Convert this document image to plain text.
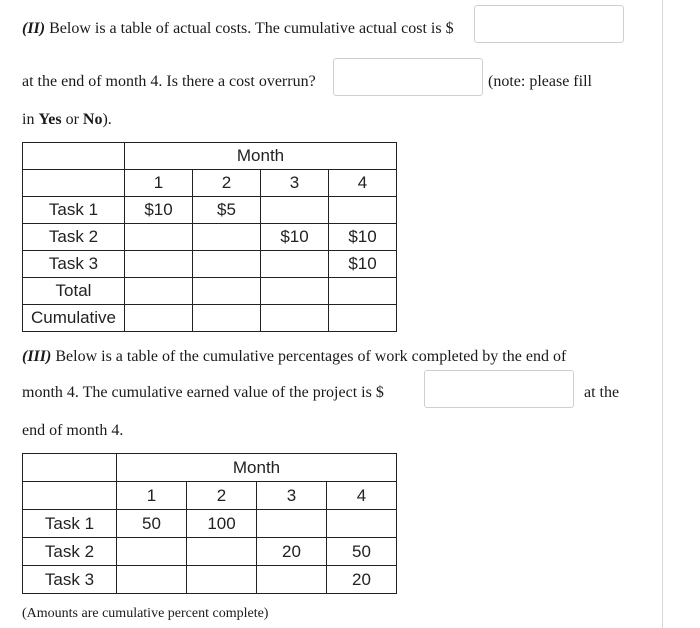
(II) Below is a table of actual costs. The cumulative actual cost is $
at the end of month 4. Is there a cost overrun?	(note: please fill
in Yes or No).
	Month			
	1	2	3	4
Task 1	$10	$5		
Task 2			$10	$10
Task 3				$10
Total				
Cumulative				
(III) Below is a table of the cumulative percentages of work completed by the end of
month 4. The cumulative earned value of the project is $	at the
end of month 4.
	Month			
	1	2	3	4
Task 1	50	100		
Task 2			20	50
Task 3				20
(Amounts are cumulative percent complete)
